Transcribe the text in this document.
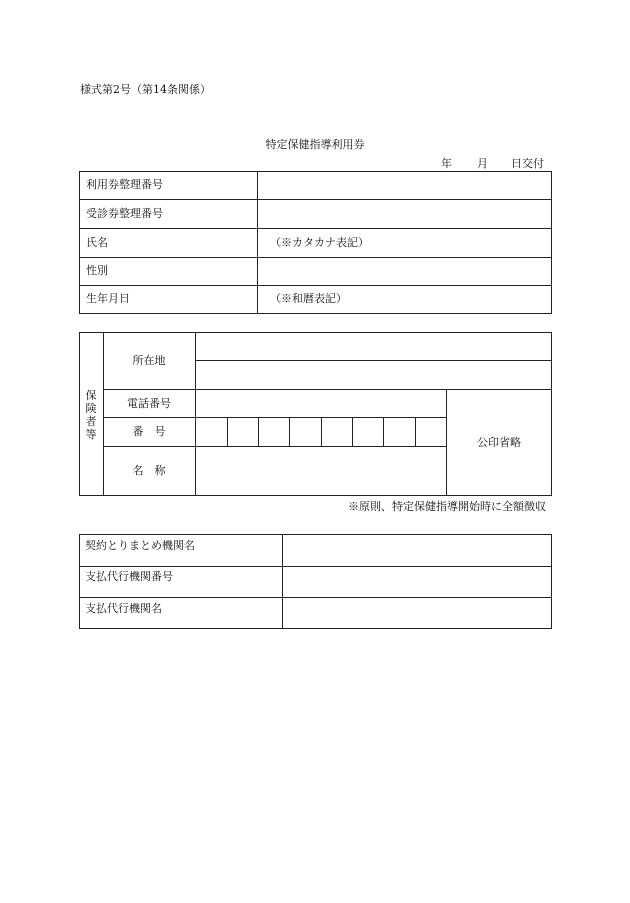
様式第2号（第14条関係）
特定保健指導利用券
年 月 日交付
利用券整理番号
受診券整理番号
氏名	（※カタカナ表記）
性別
生年月日	（※和暦表記）
保険者等
所在地
電話番号
番　号
名　称
公印省略
※原則、特定保健指導開始時に全額徴収
契約とりまとめ機関名
支払代行機関番号
支払代行機関名
